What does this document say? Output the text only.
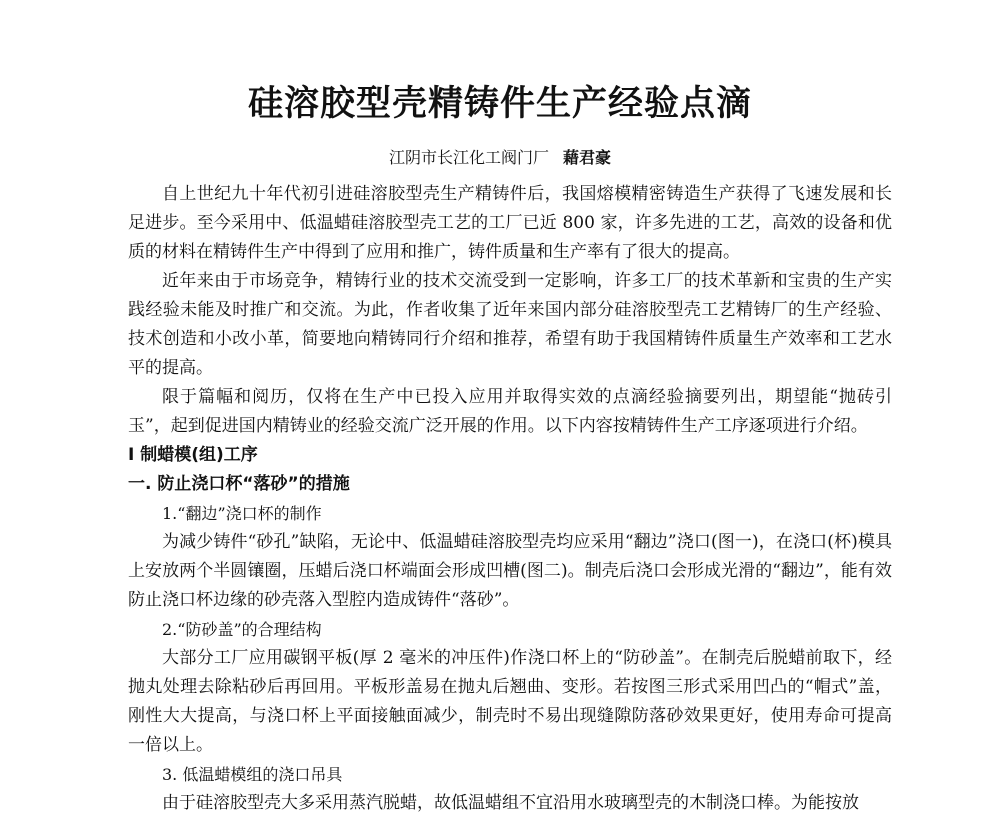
硅溶胶型壳精铸件生产经验点滴

江阴市长江化工阀门厂 藉君豪

自上世纪九十年代初引进硅溶胶型壳生产精铸件后，我国熔模精密铸造生产获得了飞速发展和长足进步。至今采用中、低温蜡硅溶胶型壳工艺的工厂已近 800 家，许多先进的工艺，高效的设备和优质的材料在精铸件生产中得到了应用和推广，铸件质量和生产率有了很大的提高。

近年来由于市场竞争，精铸行业的技术交流受到一定影响，许多工厂的技术革新和宝贵的生产实践经验未能及时推广和交流。为此，作者收集了近年来国内部分硅溶胶型壳工艺精铸厂的生产经验、技术创造和小改小革，简要地向精铸同行介绍和推荐，希望有助于我国精铸件质量生产效率和工艺水平的提高。

限于篇幅和阅历，仅将在生产中已投入应用并取得实效的点滴经验摘要列出，期望能“抛砖引玉”，起到促进国内精铸业的经验交流广泛开展的作用。以下内容按精铸件生产工序逐项进行介绍。

Ⅰ 制蜡模(组)工序

一. 防止浇口杯“落砂”的措施

1.“翻边”浇口杯的制作

为减少铸件“砂孔”缺陷，无论中、低温蜡硅溶胶型壳均应采用“翻边”浇口(图一)，在浇口(杯)模具上安放两个半圆镶圈，压蜡后浇口杯端面会形成凹槽(图二)。制壳后浇口会形成光滑的“翻边”，能有效防止浇口杯边缘的砂壳落入型腔内造成铸件“落砂”。

2.“防砂盖”的合理结构

大部分工厂应用碳钢平板(厚 2 毫米的冲压件)作浇口杯上的“防砂盖”。在制壳后脱蜡前取下，经抛丸处理去除粘砂后再回用。平板形盖易在抛丸后翘曲、变形。若按图三形式采用凹凸的“帽式”盖，刚性大大提高，与浇口杯上平面接触面减少，制壳时不易出现缝隙防落砂效果更好，使用寿命可提高一倍以上。

3. 低温蜡模组的浇口吊具

由于硅溶胶型壳大多采用蒸汽脱蜡，故低温蜡组不宜沿用水玻璃型壳的木制浇口棒。为能按放
